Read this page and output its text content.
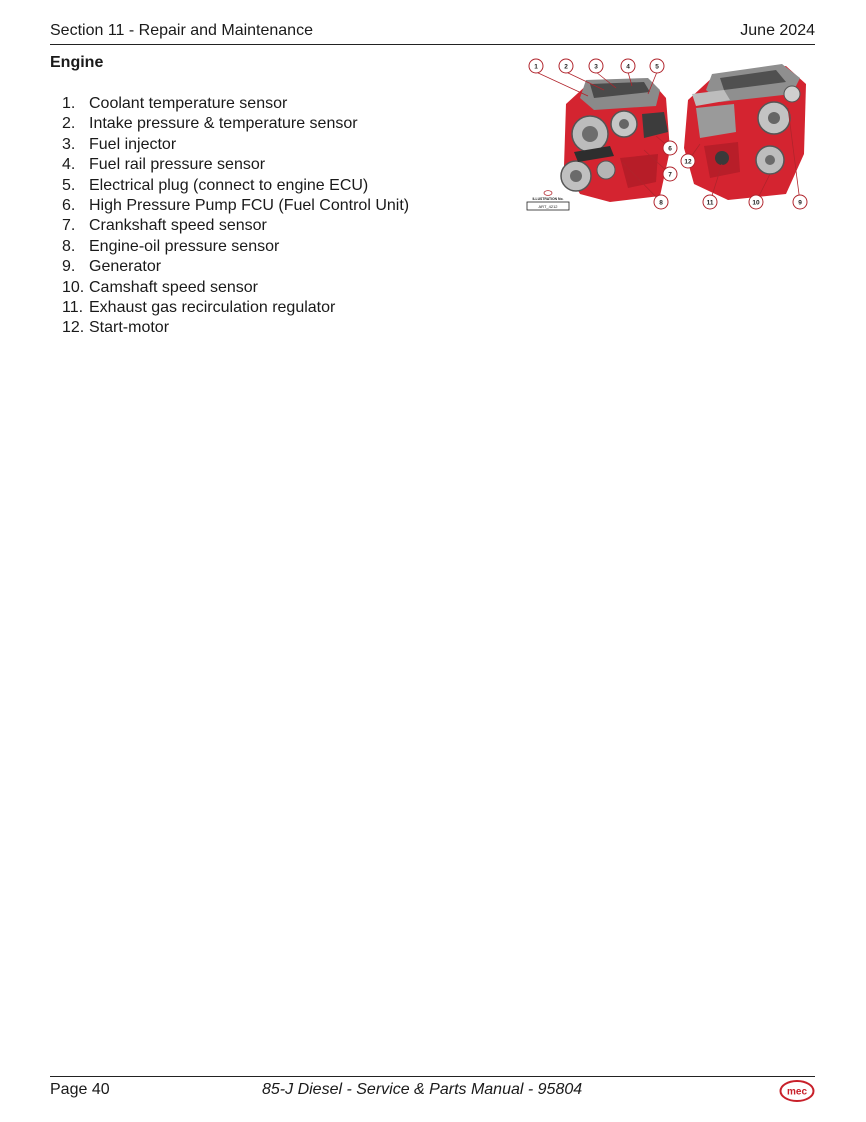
Section 11 - Repair and Maintenance	June 2024
Engine
1. Coolant temperature sensor
2. Intake pressure & temperature sensor
3. Fuel injector
4. Fuel rail pressure sensor
5. Electrical plug (connect to engine ECU)
6. High Pressure Pump FCU (Fuel Control Unit)
7. Crankshaft speed sensor
8. Engine-oil pressure sensor
9. Generator
10. Camshaft speed sensor
11. Exhaust gas recirculation regulator
12. Start-motor
1	2	3	4	5
6
7
8	9
10
11
12
ILLUSTRATION No.
ART_4212
Page 40	85-J Diesel - Service & Parts Manual - 95804	mec
